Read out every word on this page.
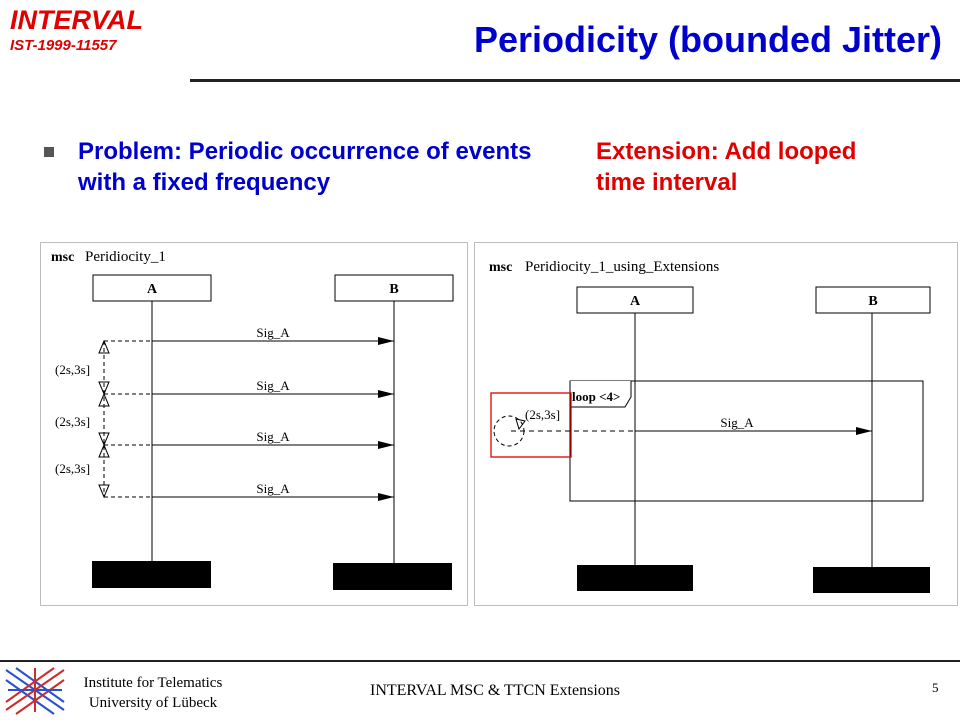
INTERVAL
IST-1999-11557	Periodicity (bounded Jitter)
Problem: Periodic occurrence of events
with a fixed frequency
Extension: Add looped
time interval
msc Peridiocity_1
A	B
Sig_A
Sig_A
Sig_A
Sig_A
(2s,3s]
(2s,3s]
(2s,3s]
msc Peridiocity_1_using_Extensions
A	B
loop <4>
Sig_A
(2s,3s]
Institute for Telematics
University of Lübeck
INTERVAL MSC & TTCN Extensions	5
